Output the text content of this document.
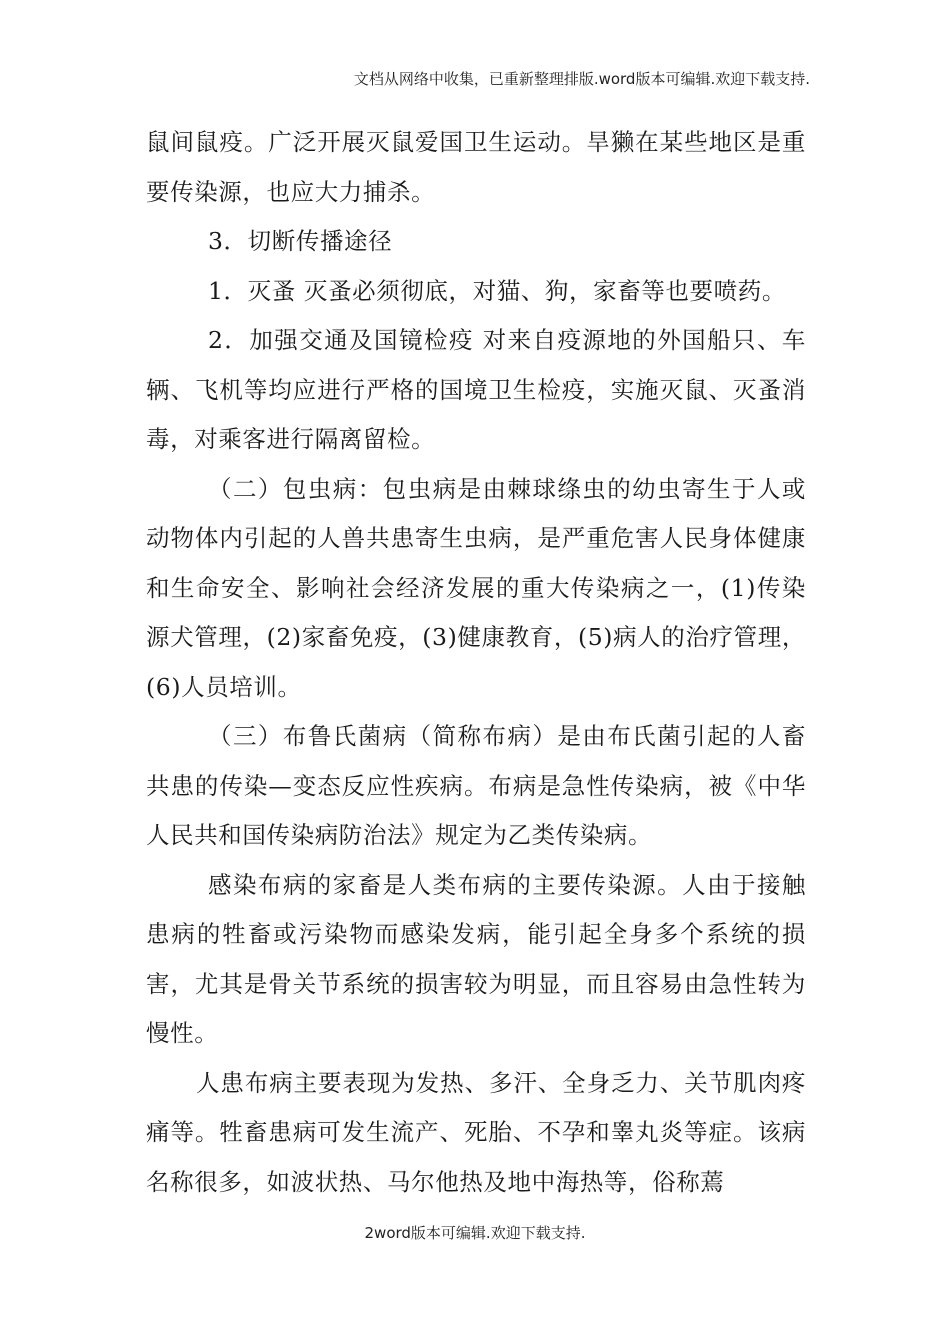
文档从网络中收集，已重新整理排版.word版本可编辑.欢迎下载支持.

鼠间鼠疫。广泛开展灭鼠爱国卫生运动。旱獭在某些地区是重要传染源，也应大力捕杀。

3．切断传播途径

1．灭蚤 灭蚤必须彻底，对猫、狗，家畜等也要喷药。

2．加强交通及国镜检疫 对来自疫源地的外国船只、车辆、飞机等均应进行严格的国境卫生检疫，实施灭鼠、灭蚤消毒，对乘客进行隔离留检。

（二）包虫病：包虫病是由棘球绦虫的幼虫寄生于人或动物体内引起的人兽共患寄生虫病，是严重危害人民身体健康和生命安全、影响社会经济发展的重大传染病之一，(1)传染源犬管理，(2)家畜免疫，(3)健康教育，(5)病人的治疗管理， (6)人员培训。

（三）布鲁氏菌病（简称布病）是由布氏菌引起的人畜共患的传染—变态反应性疾病。布病是急性传染病，被《中华人民共和国传染病防治法》规定为乙类传染病。

感染布病的家畜是人类布病的主要传染源。人由于接触患病的牲畜或污染物而感染发病，能引起全身多个系统的损害，尤其是骨关节系统的损害较为明显，而且容易由急性转为慢性。

人患布病主要表现为发热、多汗、全身乏力、关节肌肉疼痛等。牲畜患病可发生流产、死胎、不孕和睾丸炎等症。该病名称很多，如波状热、马尔他热及地中海热等，俗称蔫

2word版本可编辑.欢迎下载支持.
